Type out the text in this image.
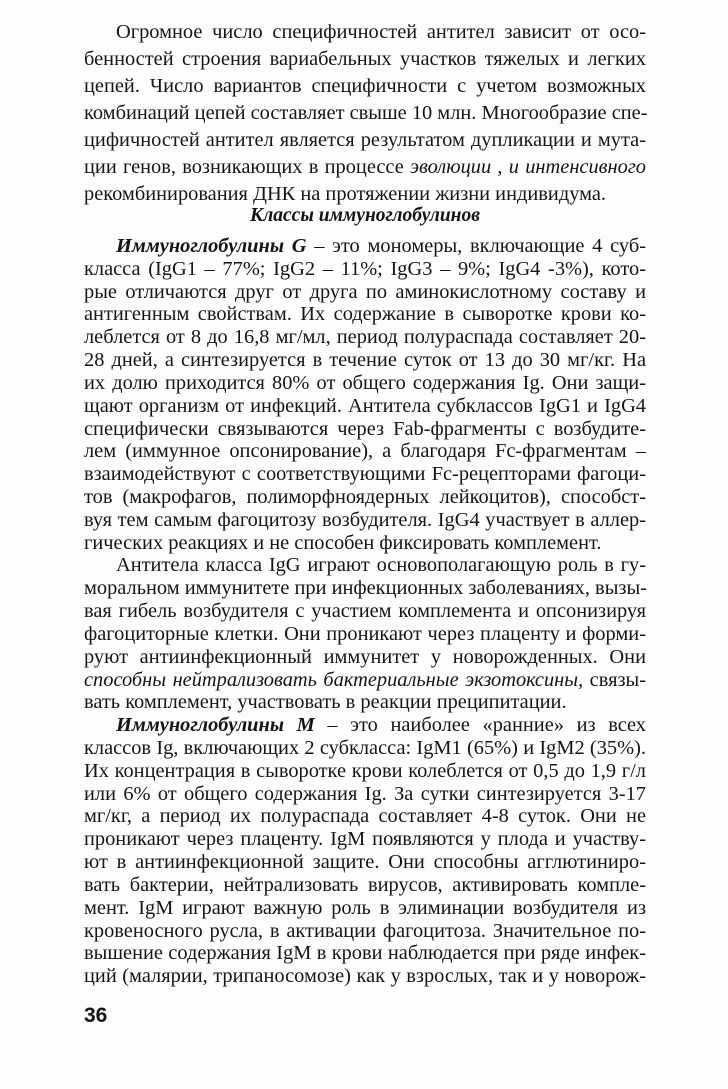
Классы иммуноглобулинов
Огромное число специфичностей антител зависит от осо-
бенностей строения вариабельных участков тяжелых и легких
цепей. Число вариантов специфичности с учетом возможных
комбинаций цепей составляет свыше 10 млн. Многообразие спе-
цифичностей антител является результатом дупликации и мута-
ции генов, возникающих в процессе эволюции , и интенсивного
рекомбинирования ДНК на протяжении жизни индивидума.
Иммуноглобулины G – это мономеры, включающие 4 суб-
класса (IgG1 – 77%; IgG2 – 11%; IgG3 – 9%; IgG4 -3%), кото-
рые отличаются друг от друга по аминокислотному составу и
антигенным свойствам. Их содержание в сыворотке крови ко-
леблется от 8 до 16,8 мг/мл, период полураспада составляет 20-
28 дней, а синтезируется в течение суток от 13 до 30 мг/кг. На
их долю приходится 80% от общего содержания Ig. Они защи-
щают организм от инфекций. Антитела субклассов IgG1 и IgG4
специфически связываются через Fab-фрагменты с возбудите-
лем (иммунное опсонирование), а благодаря Fc-фрагментам –
взаимодействуют с соответствующими Fc-рецепторами фагоци-
тов (макрофагов, полиморфноядерных лейкоцитов), способст-
вуя тем самым фагоцитозу возбудителя. IgG4 участвует в аллер-
гических реакциях и не способен фиксировать комплемент.
Антитела класса IgG играют основополагающую роль в гу-
моральном иммунитете при инфекционных заболеваниях, вызы-
вая гибель возбудителя с участием комплемента и опсонизируя
фагоциторные клетки. Они проникают через плаценту и форми-
руют антиинфекционный иммунитет у новорожденных. Они
способны нейтрализовать бактериальные экзотоксины, связы-
вать комплемент, участвовать в реакции преципитации.
Иммуноглобулины М – это наиболее «ранние» из всех
классов Ig, включающих 2 субкласса: IgM1 (65%) и IgM2 (35%).
Их концентрация в сыворотке крови колеблется от 0,5 до 1,9 г/л
или 6% от общего содержания Ig. За сутки синтезируется 3-17
мг/кг, а период их полураспада составляет 4-8 суток. Они не
проникают через плаценту. IgM появляются у плода и участву-
ют в антиинфекционной защите. Они способны агглютиниро-
вать бактерии, нейтрализовать вирусов, активировать компле-
мент. IgM играют важную роль в элиминации возбудителя из
кровеносного русла, в активации фагоцитоза. Значительное по-
вышение содержания IgM в крови наблюдается при ряде инфек-
ций (малярии, трипаносомозе) как у взрослых, так и у новорож-
36
